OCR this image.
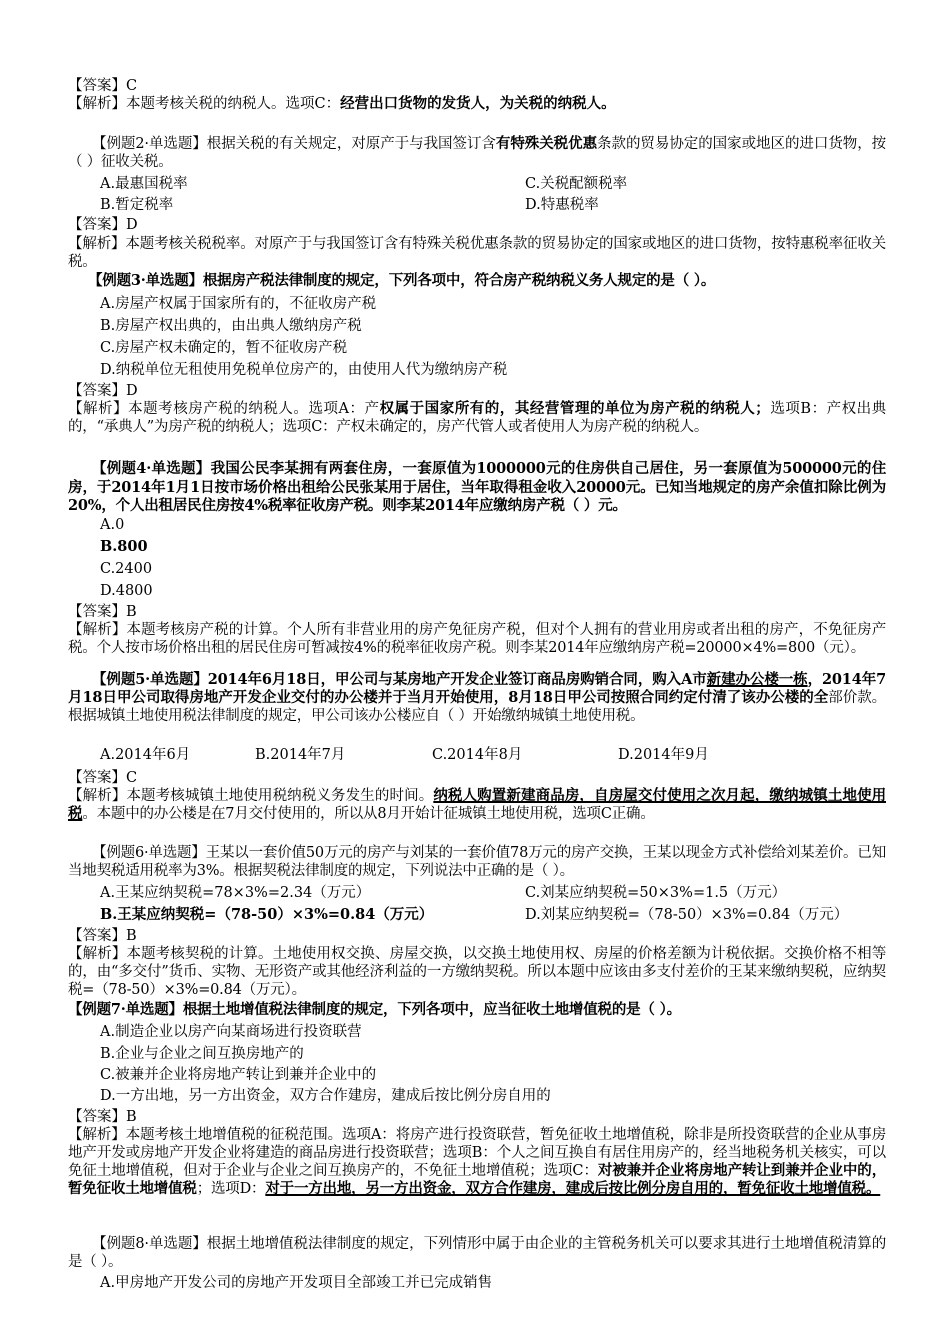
【答案】C
【解析】本题考核关税的纳税人。选项C：经营出口货物的发货人，为关税的纳税人。
【例题2·单选题】根据关税的有关规定，对原产于与我国签订含有特殊关税优惠条款的贸易协定的国家或地区的进口货物，按（ ）征收关税。
A.最惠国税率	C.关税配额税率
B.暂定税率	D.特惠税率
【答案】D
【解析】本题考核关税税率。对原产于与我国签订含有特殊关税优惠条款的贸易协定的国家或地区的进口货物，按特惠税率征收关税。
【例题3·单选题】根据房产税法律制度的规定，下列各项中，符合房产税纳税义务人规定的是（ ）。
A.房屋产权属于国家所有的，不征收房产税
B.房屋产权出典的，由出典人缴纳房产税
C.房屋产权未确定的，暂不征收房产税
D.纳税单位无租使用免税单位房产的，由使用人代为缴纳房产税
【答案】D
【解析】本题考核房产税的纳税人。选项A：产权属于国家所有的，其经营管理的单位为房产税的纳税人；选项B：产权出典的，“承典人”为房产税的纳税人；选项C：产权未确定的，房产代管人或者使用人为房产税的纳税人。
【例题4·单选题】我国公民李某拥有两套住房，一套原值为1000000元的住房供自己居住，另一套原值为500000元的住房，于2014年1月1日按市场价格出租给公民张某用于居住，当年取得租金收入20000元。已知当地规定的房产余值扣除比例为20%，个人出租居民住房按4%税率征收房产税。则李某2014年应缴纳房产税（ ）元。
A.0
B.800
C.2400
D.4800
【答案】B
【解析】本题考核房产税的计算。个人所有非营业用的房产免征房产税，但对个人拥有的营业用房或者出租的房产，不免征房产税。个人按市场价格出租的居民住房可暂减按4%的税率征收房产税。则李某2014年应缴纳房产税=20000×4%=800（元）。
【例题5·单选题】2014年6月18日，甲公司与某房地产开发企业签订商品房购销合同，购入A市新建办公楼一栋，2014年7月18日甲公司取得房地产开发企业交付的办公楼并于当月开始使用，8月18日甲公司按照合同约定付清了该办公楼的全部价款。根据城镇土地使用税法律制度的规定，甲公司该办公楼应自（ ）开始缴纳城镇土地使用税。
A.2014年6月	B.2014年7月	C.2014年8月	D.2014年9月
【答案】C
【解析】本题考核城镇土地使用税纳税义务发生的时间。纳税人购置新建商品房，自房屋交付使用之次月起，缴纳城镇土地使用税。本题中的办公楼是在7月交付使用的，所以从8月开始计征城镇土地使用税，选项C正确。
【例题6·单选题】王某以一套价值50万元的房产与刘某的一套价值78万元的房产交换，王某以现金方式补偿给刘某差价。已知当地契税适用税率为3%。根据契税法律制度的规定，下列说法中正确的是（ ）。
A.王某应纳契税=78×3%=2.34（万元）	C.刘某应纳契税=50×3%=1.5（万元）
B.王某应纳契税=（78-50）×3%=0.84（万元）	D.刘某应纳契税=（78-50）×3%=0.84（万元）
【答案】B
【解析】本题考核契税的计算。土地使用权交换、房屋交换，以交换土地使用权、房屋的价格差额为计税依据。交换价格不相等的，由“多交付”货币、实物、无形资产或其他经济利益的一方缴纳契税。所以本题中应该由多支付差价的王某来缴纳契税，应纳契税=（78-50）×3%=0.84（万元）。
【例题7·单选题】根据土地增值税法律制度的规定，下列各项中，应当征收土地增值税的是（ ）。
A.制造企业以房产向某商场进行投资联营
B.企业与企业之间互换房地产的
C.被兼并企业将房地产转让到兼并企业中的
D.一方出地，另一方出资金，双方合作建房，建成后按比例分房自用的
【答案】B
【解析】本题考核土地增值税的征税范围。选项A：将房产进行投资联营，暂免征收土地增值税，除非是所投资联营的企业从事房地产开发或房地产开发企业将建造的商品房进行投资联营；选项B：个人之间互换自有居住用房产的，经当地税务机关核实，可以免征土地增值税，但对于企业与企业之间互换房产的，不免征土地增值税；选项C：对被兼并企业将房地产转让到兼并企业中的，暂免征收土地增值税；选项D：对于一方出地，另一方出资金，双方合作建房，建成后按比例分房自用的，暂免征收土地增值税。
【例题8·单选题】根据土地增值税法律制度的规定，下列情形中属于由企业的主管税务机关可以要求其进行土地增值税清算的是（ ）。
A.甲房地产开发公司的房地产开发项目全部竣工并已完成销售
